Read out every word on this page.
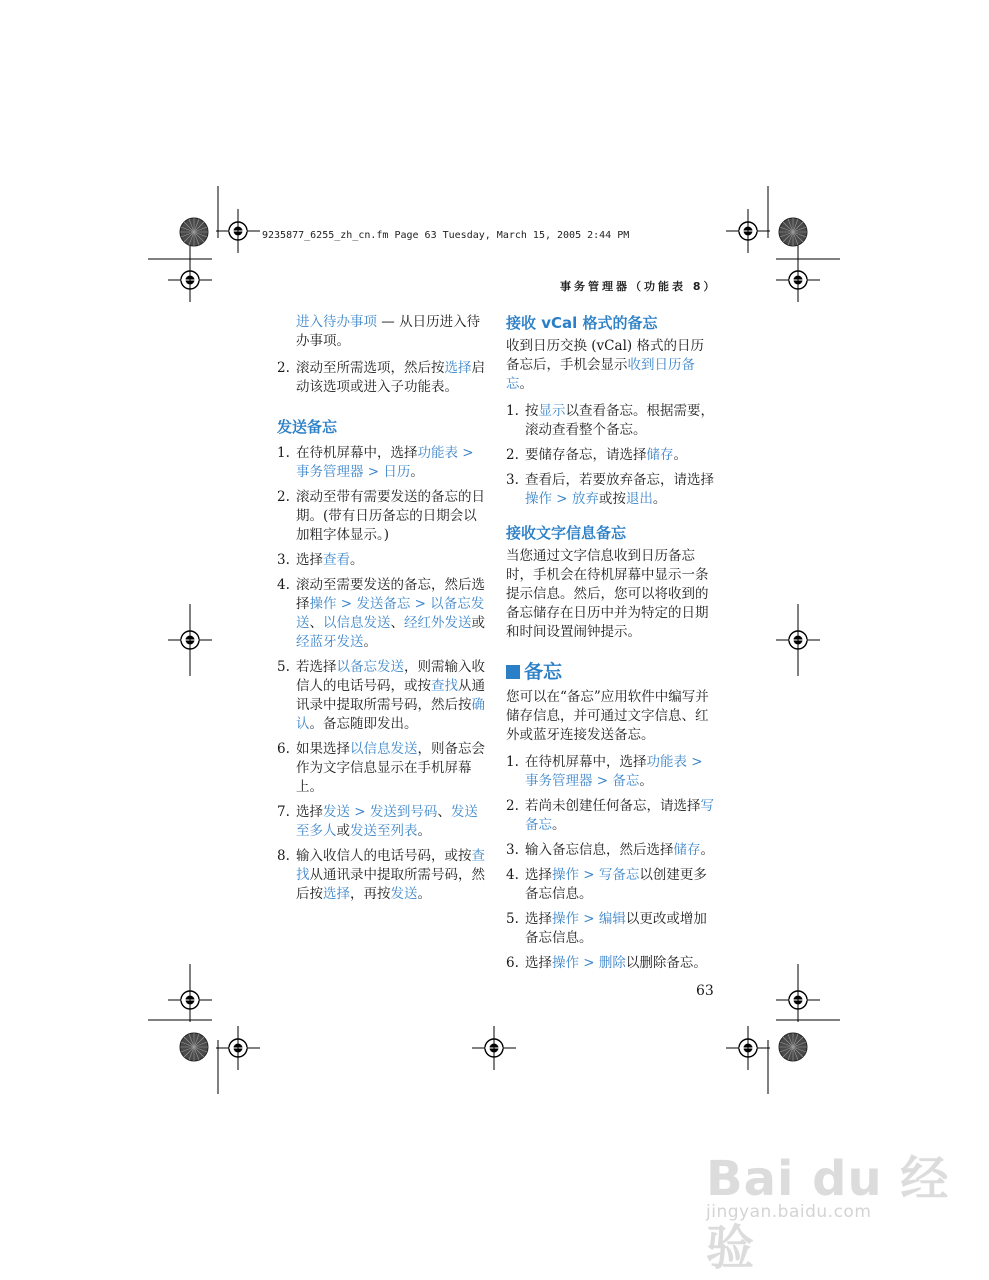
9235877_6255_zh_cn.fm Page 63 Tuesday, March 15, 2005 2:44 PM
事务管理器（功能表 8）

进入待办事项 — 从日历进入待办事项。

2. 滚动至所需选项，然后按选择启动该选项或进入子功能表。
发送备忘
1. 在待机屏幕中，选择功能表 > 事务管理器 > 日历。
2. 滚动至带有需要发送的备忘的日期。(带有日历备忘的日期会以加粗字体显示。)
3. 选择查看。
4. 滚动至需要发送的备忘，然后选择操作 > 发送备忘 > 以备忘发送、以信息发送、经红外发送或经蓝牙发送。
5. 若选择以备忘发送，则需输入收信人的电话号码，或按查找从通讯录中提取所需号码，然后按确认。备忘随即发出。
6. 如果选择以信息发送，则备忘会作为文字信息显示在手机屏幕上。
7. 选择发送 > 发送到号码、发送至多人或发送至列表。
8. 输入收信人的电话号码，或按查找从通讯录中提取所需号码，然后按选择，再按发送。
接收 vCal 格式的备忘

收到日历交换 (vCal) 格式的日历备忘后，手机会显示收到日历备忘。

1. 按显示以查看备忘。根据需要，滚动查看整个备忘。
2. 要储存备忘，请选择储存。
3. 查看后，若要放弃备忘，请选择操作 > 放弃或按退出。
接收文字信息备忘

当您通过文字信息收到日历备忘时，手机会在待机屏幕中显示一条提示信息。然后，您可以将收到的备忘储存在日历中并为特定的日期和时间设置闹钟提示。

备忘

您可以在“备忘”应用软件中编写并储存信息，并可通过文字信息、红外或蓝牙连接发送备忘。

1. 在待机屏幕中，选择功能表 > 事务管理器 > 备忘。
2. 若尚未创建任何备忘，请选择写备忘。
3. 输入备忘信息，然后选择储存。
4. 选择操作 > 写备忘以创建更多备忘信息。
5. 选择操作 > 编辑以更改或增加备忘信息。
6. 选择操作 > 删除以删除备忘。
63
Bai du 经验
jingyan.baidu.com
